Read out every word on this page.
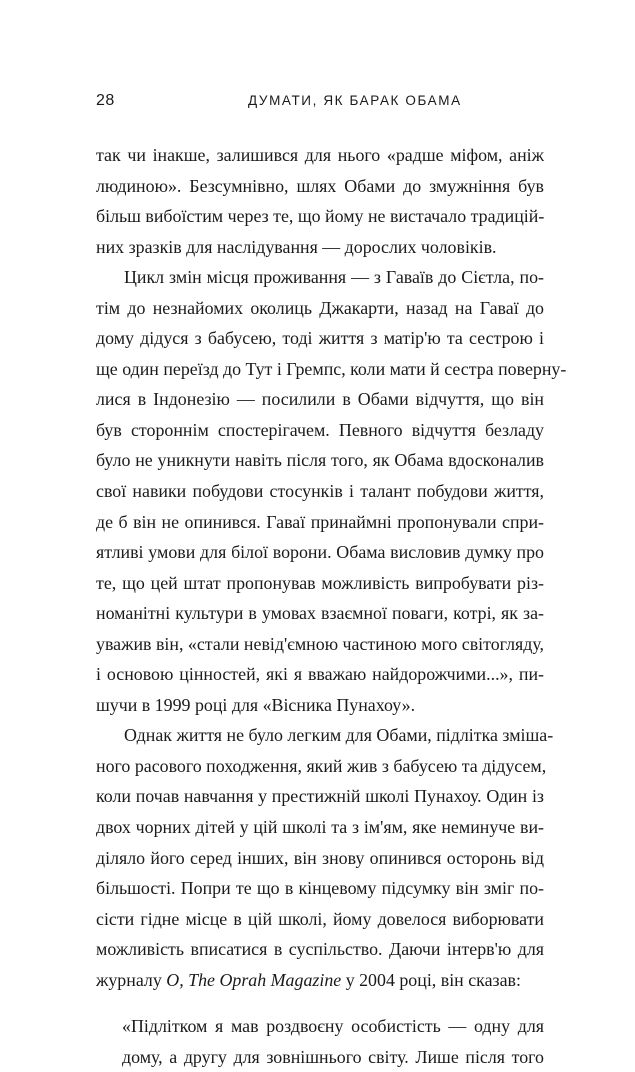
28	ДУМАТИ, ЯК БАРАК ОБАМА
так чи інакше, залишився для нього «радше міфом, аніж
людиною». Безсумнівно, шлях Обами до змужніння був
більш вибоїстим через те, що йому не вистачало традицій-
них зразків для наслідування — дорослих чоловіків.
Цикл змін місця проживання — з Гаваїв до Сієтла, по-
тім до незнайомих околиць Джакарти, назад на Гаваї до
дому дідуся з бабусею, тоді життя з матір'ю та сестрою і
ще один переїзд до Тут і Гремпс, коли мати й сестра поверну-
лися в Індонезію — посилили в Обами відчуття, що він
був стороннім спостерігачем. Певного відчуття безладу
було не уникнути навіть після того, як Обама вдосконалив
свої навики побудови стосунків і талант побудови життя,
де б він не опинився. Гаваї принаймні пропонували спри-
ятливі умови для білої ворони. Обама висловив думку про
те, що цей штат пропонував можливість випробувати різ-
номанітні культури в умовах взаємної поваги, котрі, як за-
уважив він, «стали невід'ємною частиною мого світогляду,
і основою цінностей, які я вважаю найдорожчими...», пи-
шучи в 1999 році для «Вісника Пунахоу».
Однак життя не було легким для Обами, підлітка змішa-
ного расового походження, який жив з бабусею та дідусем,
коли почав навчання у престижній школі Пунахоу. Один із
двох чорних дітей у цій школі та з ім'ям, яке неминуче ви-
діляло його серед інших, він знову опинився осторонь від
більшості. Попри те що в кінцевому підсумку він зміг по-
сісти гідне місце в цій школі, йому довелося виборювати
можливість вписатися в суспільство. Даючи інтерв'ю для
журналу O, The Oprah Magazine у 2004 році, він сказав:
«Підлітком я мав роздвоєну особистість — одну для
дому, а другу для зовнішнього світу. Лише після того
